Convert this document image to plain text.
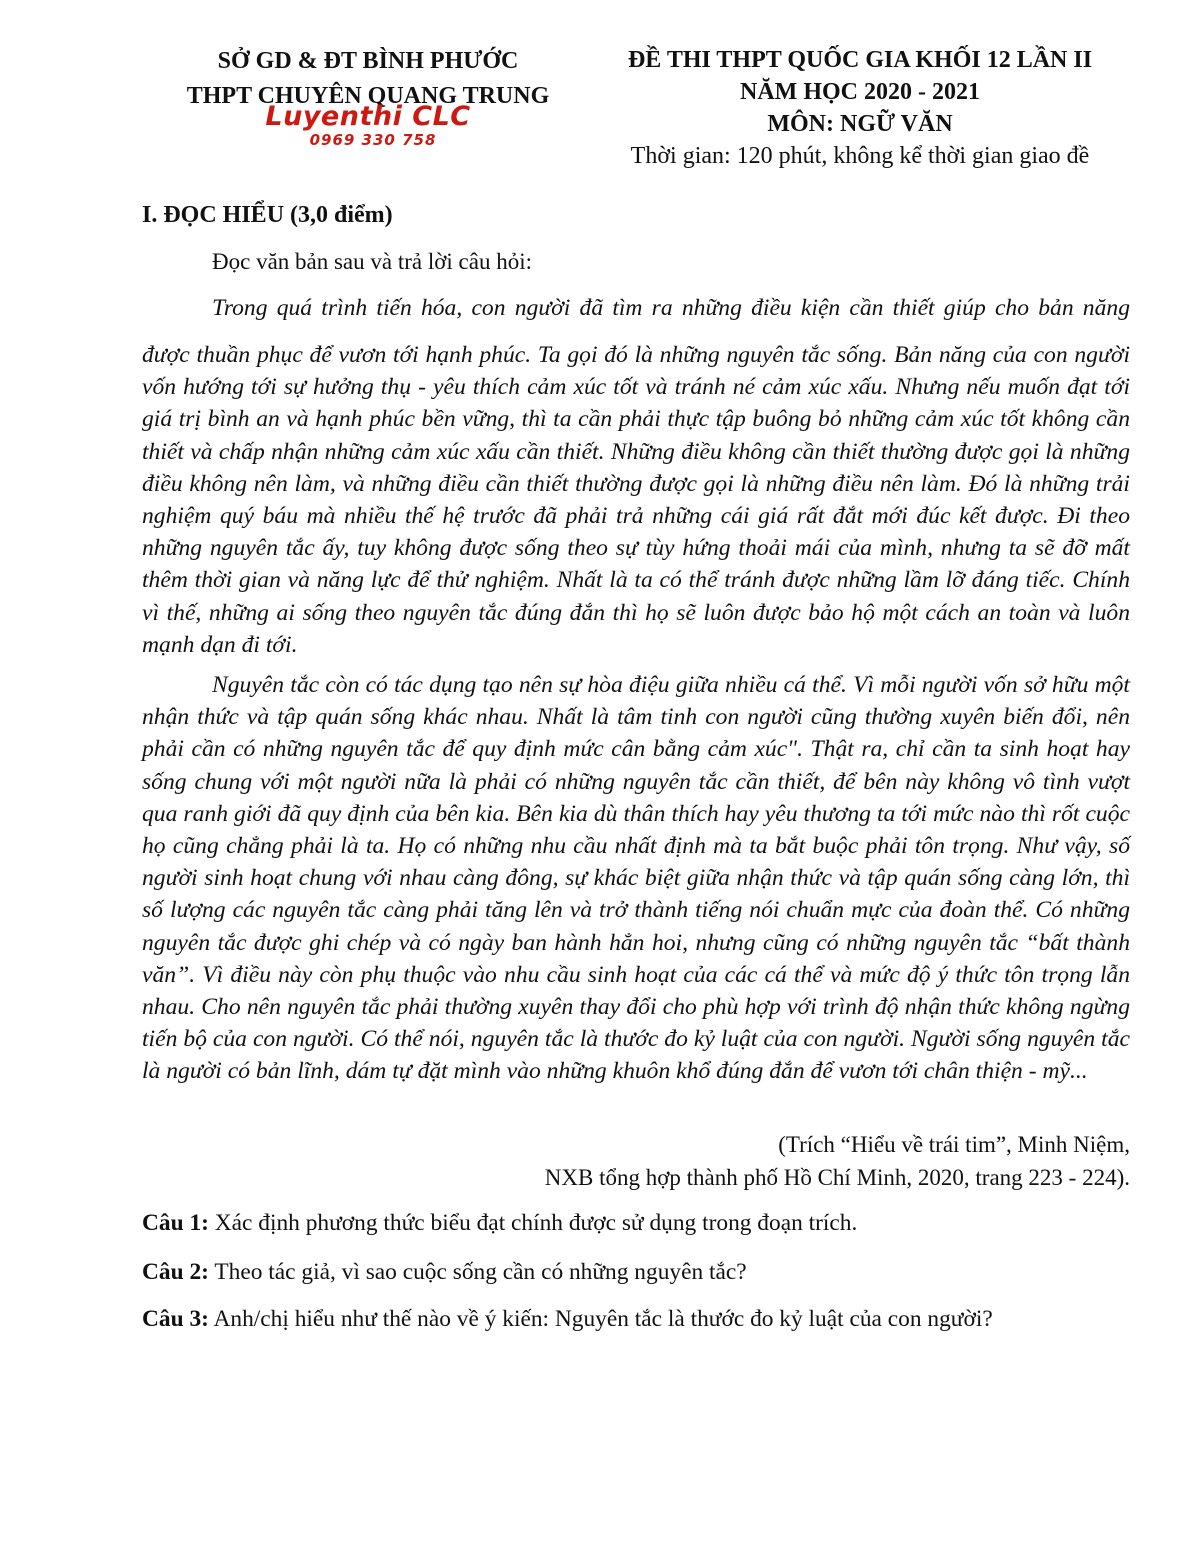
SỞ GD & ĐT BÌNH PHƯỚC
THPT CHUYÊN QUANG TRUNG
Luyenthi CLC
0969 330 758
ĐỀ THI THPT QUỐC GIA KHỐI 12 LẦN II
NĂM HỌC 2020 - 2021
MÔN: NGỮ VĂN
Thời gian: 120 phút, không kể thời gian giao đề
I. ĐỌC HIỂU (3,0 điểm)
Đọc văn bản sau và trả lời câu hỏi:
Trong quá trình tiến hóa, con người đã tìm ra những điều kiện cần thiết giúp cho bản năng
được thuần phục để vươn tới hạnh phúc. Ta gọi đó là những nguyên tắc sống. Bản năng của con người vốn hướng tới sự hưởng thụ - yêu thích cảm xúc tốt và tránh né cảm xúc xấu. Nhưng nếu muốn đạt tới giá trị bình an và hạnh phúc bền vững, thì ta cần phải thực tập buông bỏ những cảm xúc tốt không cần thiết và chấp nhận những cảm xúc xấu cần thiết. Những điều không cần thiết thường được gọi là những điều không nên làm, và những điều cần thiết thường được gọi là những điều nên làm. Đó là những trải nghiệm quý báu mà nhiều thế hệ trước đã phải trả những cái giá rất đắt mới đúc kết được. Đi theo những nguyên tắc ấy, tuy không được sống theo sự tùy hứng thoải mái của mình, nhưng ta sẽ đỡ mất thêm thời gian và năng lực để thử nghiệm. Nhất là ta có thể tránh được những lầm lỡ đáng tiếc. Chính vì thế, những ai sống theo nguyên tắc đúng đắn thì họ sẽ luôn được bảo hộ một cách an toàn và luôn mạnh dạn đi tới.
Nguyên tắc còn có tác dụng tạo nên sự hòa điệu giữa nhiều cá thể. Vì mỗi người vốn sở hữu một nhận thức và tập quán sống khác nhau. Nhất là tâm tinh con người cũng thường xuyên biến đổi, nên phải cần có những nguyên tắc để quy định mức cân bằng cảm xúc". Thật ra, chỉ cần ta sinh hoạt hay sống chung với một người nữa là phải có những nguyên tắc cần thiết, để bên này không vô tình vượt qua ranh giới đã quy định của bên kia. Bên kia dù thân thích hay yêu thương ta tới mức nào thì rốt cuộc họ cũng chẳng phải là ta. Họ có những nhu cầu nhất định mà ta bắt buộc phải tôn trọng. Như vậy, số người sinh hoạt chung với nhau càng đông, sự khác biệt giữa nhận thức và tập quán sống càng lớn, thì số lượng các nguyên tắc càng phải tăng lên và trở thành tiếng nói chuẩn mực của đoàn thể. Có những nguyên tắc được ghi chép và có ngày ban hành hẳn hoi, nhưng cũng có những nguyên tắc “bất thành văn”. Vì điều này còn phụ thuộc vào nhu cầu sinh hoạt của các cá thể và mức độ ý thức tôn trọng lẫn nhau. Cho nên nguyên tắc phải thường xuyên thay đổi cho phù hợp với trình độ nhận thức không ngừng tiến bộ của con người. Có thể nói, nguyên tắc là thước đo kỷ luật của con người. Người sống nguyên tắc là người có bản lĩnh, dám tự đặt mình vào những khuôn khổ đúng đắn để vươn tới chân thiện - mỹ...
(Trích “Hiểu về trái tim”, Minh Niệm,
NXB tổng hợp thành phố Hồ Chí Minh, 2020, trang 223 - 224).
Câu 1: Xác định phương thức biểu đạt chính được sử dụng trong đoạn trích.
Câu 2: Theo tác giả, vì sao cuộc sống cần có những nguyên tắc?
Câu 3: Anh/chị hiểu như thế nào về ý kiến: Nguyên tắc là thước đo kỷ luật của con người?
